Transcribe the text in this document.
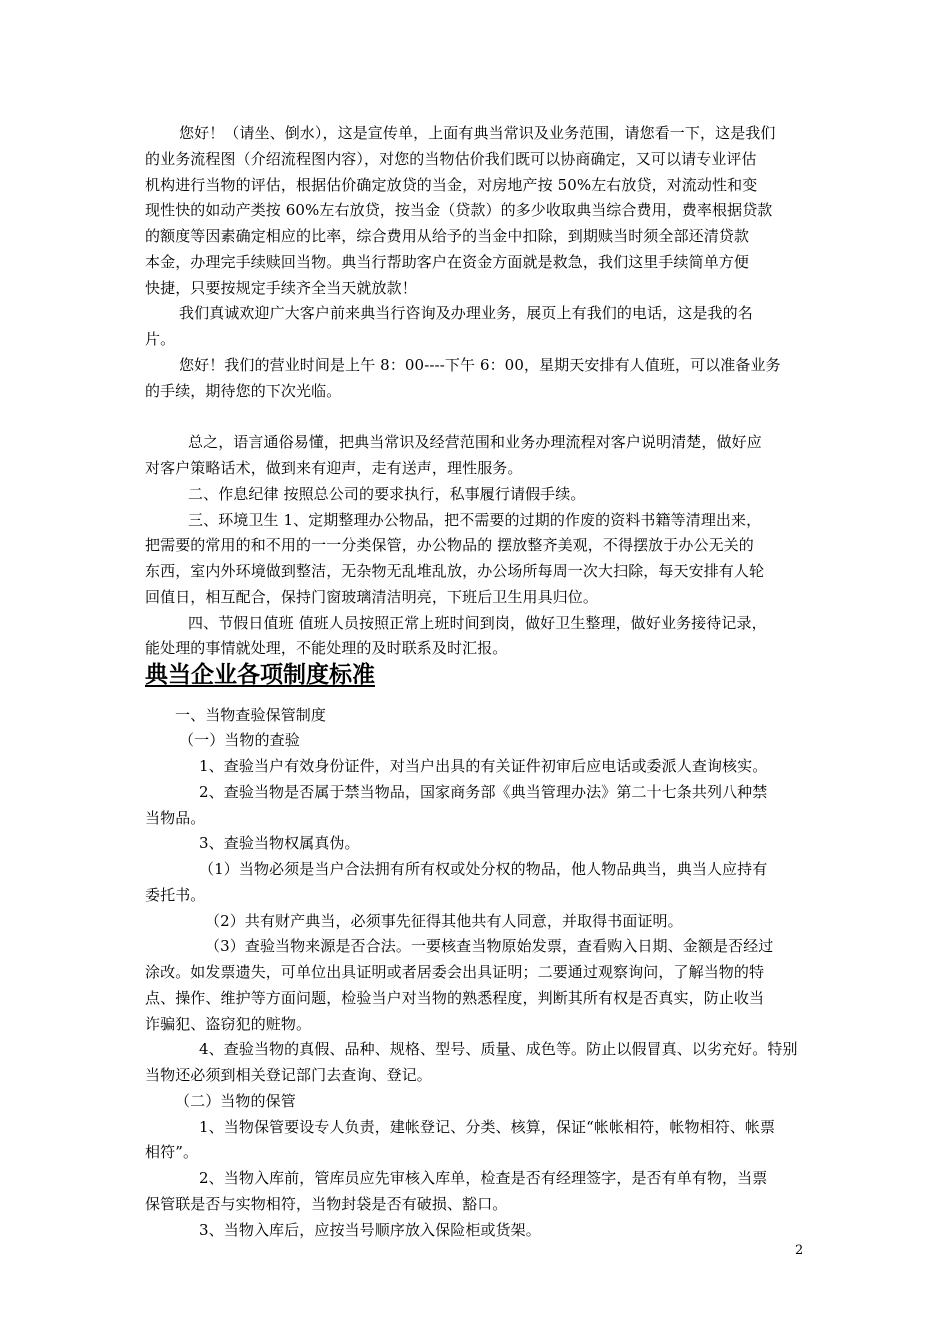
您好！（请坐、倒水），这是宣传单，上面有典当常识及业务范围，请您看一下，这是我们
的业务流程图（介绍流程图内容），对您的当物估价我们既可以协商确定，又可以请专业评估
机构进行当物的评估，根据估价确定放贷的当金，对房地产按 50%左右放贷，对流动性和变
现性快的如动产类按 60%左右放贷，按当金（贷款）的多少收取典当综合费用，费率根据贷款
的额度等因素确定相应的比率，综合费用从给予的当金中扣除，到期赎当时须全部还清贷款
本金，办理完手续赎回当物。典当行帮助客户在资金方面就是救急，我们这里手续简单方便
快捷，只要按规定手续齐全当天就放款！
我们真诚欢迎广大客户前来典当行咨询及办理业务，展页上有我们的电话，这是我的名
片。
您好！我们的营业时间是上午 8：00----下午 6：00，星期天安排有人值班，可以准备业务
的手续，期待您的下次光临。
总之，语言通俗易懂，把典当常识及经营范围和业务办理流程对客户说明清楚，做好应
对客户策略话术，做到来有迎声，走有送声，理性服务。
二、作息纪律 按照总公司的要求执行，私事履行请假手续。
三、环境卫生 1、定期整理办公物品，把不需要的过期的作废的资料书籍等清理出来，
把需要的常用的和不用的一一分类保管，办公物品的 摆放整齐美观，不得摆放于办公无关的
东西，室内外环境做到整洁，无杂物无乱堆乱放，办公场所每周一次大扫除，每天安排有人轮
回值日，相互配合，保持门窗玻璃清洁明亮，下班后卫生用具归位。
四、节假日值班 值班人员按照正常上班时间到岗，做好卫生整理，做好业务接待记录，
能处理的事情就处理，不能处理的及时联系及时汇报。
典当企业各项制度标准
一、当物查验保管制度
（一）当物的查验
1、查验当户有效身份证件，对当户出具的有关证件初审后应电话或委派人查询核实。
2、查验当物是否属于禁当物品，国家商务部《典当管理办法》第二十七条共列八种禁
当物品。
3、查验当物权属真伪。
（1）当物必须是当户合法拥有所有权或处分权的物品，他人物品典当，典当人应持有
委托书。
（2）共有财产典当，必须事先征得其他共有人同意，并取得书面证明。
（3）查验当物来源是否合法。一要核查当物原始发票，查看购入日期、金额是否经过
涂改。如发票遗失，可单位出具证明或者居委会出具证明；二要通过观察询问，了解当物的特
点、操作、维护等方面问题，检验当户对当物的熟悉程度，判断其所有权是否真实，防止收当
诈骗犯、盗窃犯的赃物。
4、查验当物的真假、品种、规格、型号、质量、成色等。防止以假冒真、以劣充好。特别
当物还必须到相关登记部门去查询、登记。
（二）当物的保管
1、当物保管要设专人负责，建帐登记、分类、核算，保证“帐帐相符，帐物相符、帐票
相符”。
2、当物入库前，管库员应先审核入库单，检查是否有经理签字，是否有单有物，当票
保管联是否与实物相符，当物封袋是否有破损、豁口。
3、当物入库后，应按当号顺序放入保险柜或货架。
2
